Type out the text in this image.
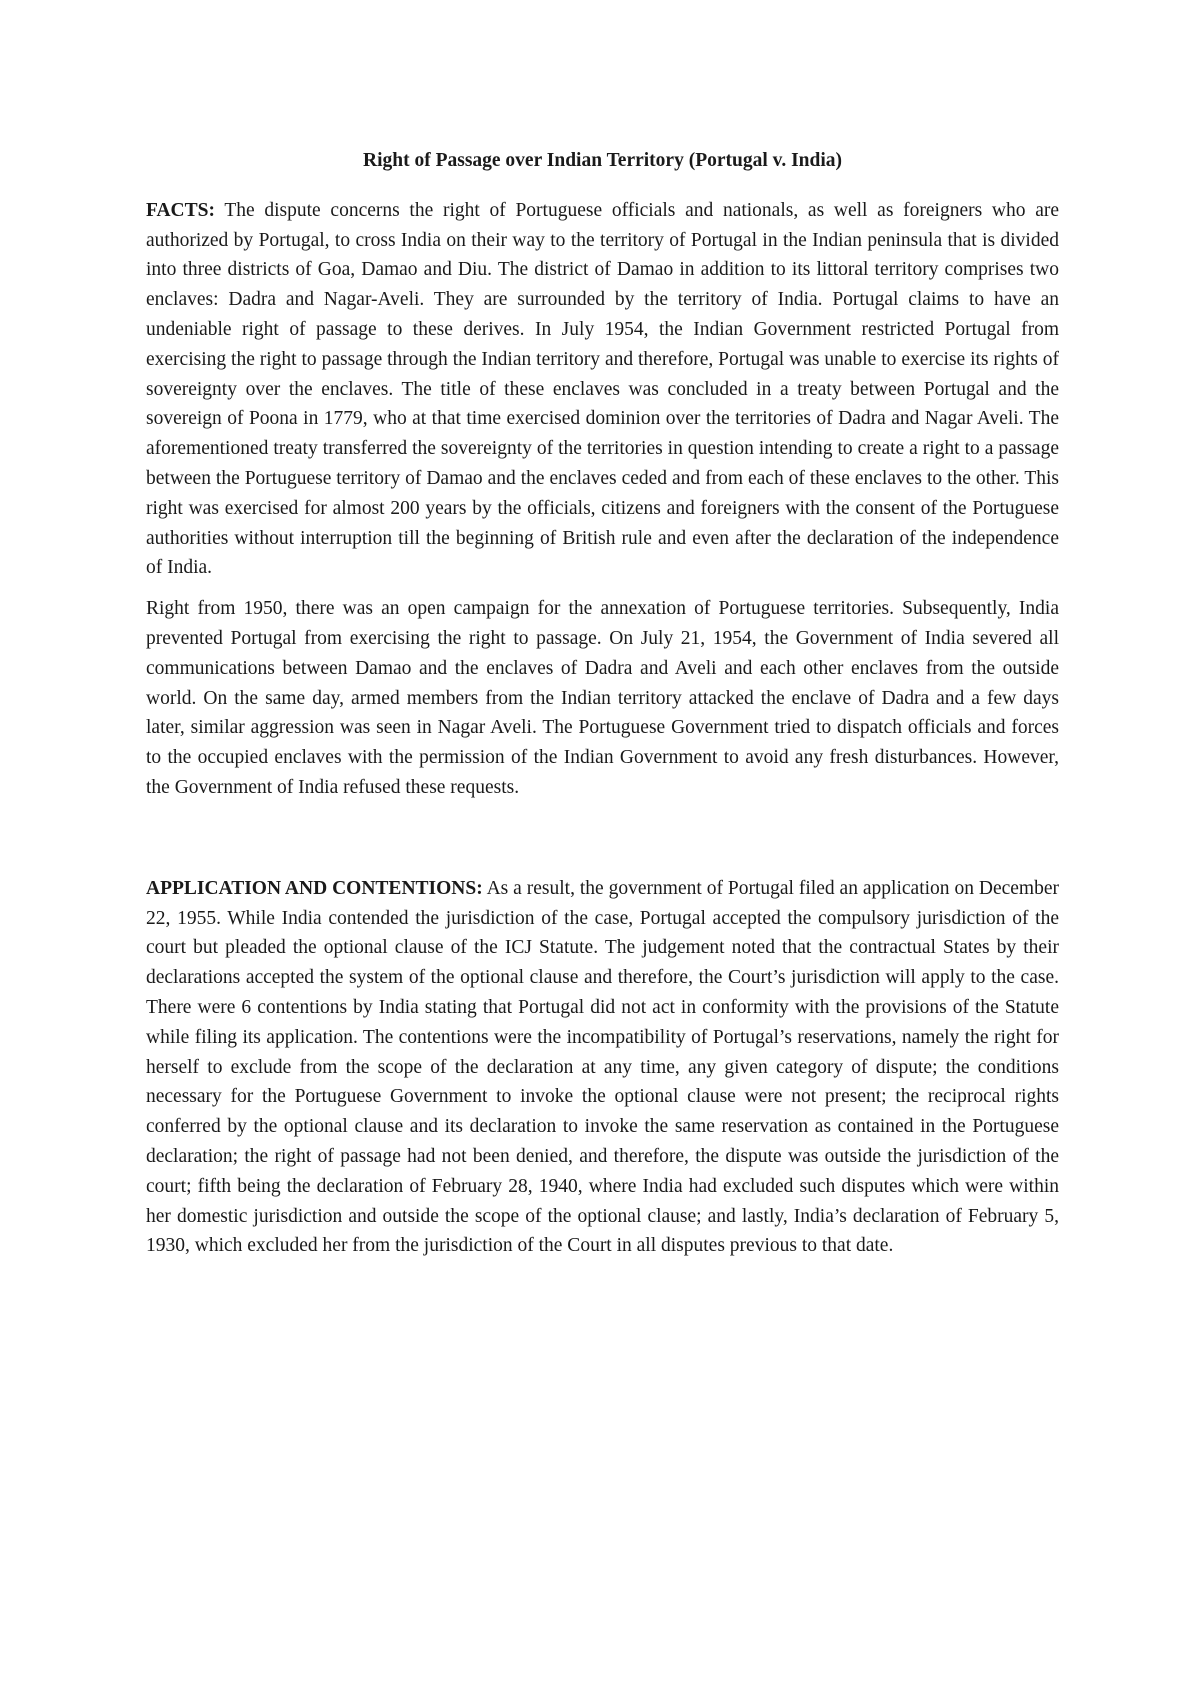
Right of Passage over Indian Territory (Portugal v. India)

FACTS: The dispute concerns the right of Portuguese officials and nationals, as well as foreigners who are authorized by Portugal, to cross India on their way to the territory of Portugal in the Indian peninsula that is divided into three districts of Goa, Damao and Diu. The district of Damao in addition to its littoral territory comprises two enclaves: Dadra and Nagar-Aveli. They are surrounded by the territory of India. Portugal claims to have an undeniable right of passage to these derives. In July 1954, the Indian Government restricted Portugal from exercising the right to passage through the Indian territory and therefore, Portugal was unable to exercise its rights of sovereignty over the enclaves. The title of these enclaves was concluded in a treaty between Portugal and the sovereign of Poona in 1779, who at that time exercised dominion over the territories of Dadra and Nagar Aveli. The aforementioned treaty transferred the sovereignty of the territories in question intending to create a right to a passage between the Portuguese territory of Damao and the enclaves ceded and from each of these enclaves to the other. This right was exercised for almost 200 years by the officials, citizens and foreigners with the consent of the Portuguese authorities without interruption till the beginning of British rule and even after the declaration of the independence of India.

Right from 1950, there was an open campaign for the annexation of Portuguese territories. Subsequently, India prevented Portugal from exercising the right to passage. On July 21, 1954, the Government of India severed all communications between Damao and the enclaves of Dadra and Aveli and each other enclaves from the outside world. On the same day, armed members from the Indian territory attacked the enclave of Dadra and a few days later, similar aggression was seen in Nagar Aveli. The Portuguese Government tried to dispatch officials and forces to the occupied enclaves with the permission of the Indian Government to avoid any fresh disturbances. However, the Government of India refused these requests.

APPLICATION AND CONTENTIONS: As a result, the government of Portugal filed an application on December 22, 1955. While India contended the jurisdiction of the case, Portugal accepted the compulsory jurisdiction of the court but pleaded the optional clause of the ICJ Statute. The judgement noted that the contractual States by their declarations accepted the system of the optional clause and therefore, the Court’s jurisdiction will apply to the case. There were 6 contentions by India stating that Portugal did not act in conformity with the provisions of the Statute while filing its application. The contentions were the incompatibility of Portugal’s reservations, namely the right for herself to exclude from the scope of the declaration at any time, any given category of dispute; the conditions necessary for the Portuguese Government to invoke the optional clause were not present; the reciprocal rights conferred by the optional clause and its declaration to invoke the same reservation as contained in the Portuguese declaration; the right of passage had not been denied, and therefore, the dispute was outside the jurisdiction of the court; fifth being the declaration of February 28, 1940, where India had excluded such disputes which were within her domestic jurisdiction and outside the scope of the optional clause; and lastly, India’s declaration of February 5, 1930, which excluded her from the jurisdiction of the Court in all disputes previous to that date.
